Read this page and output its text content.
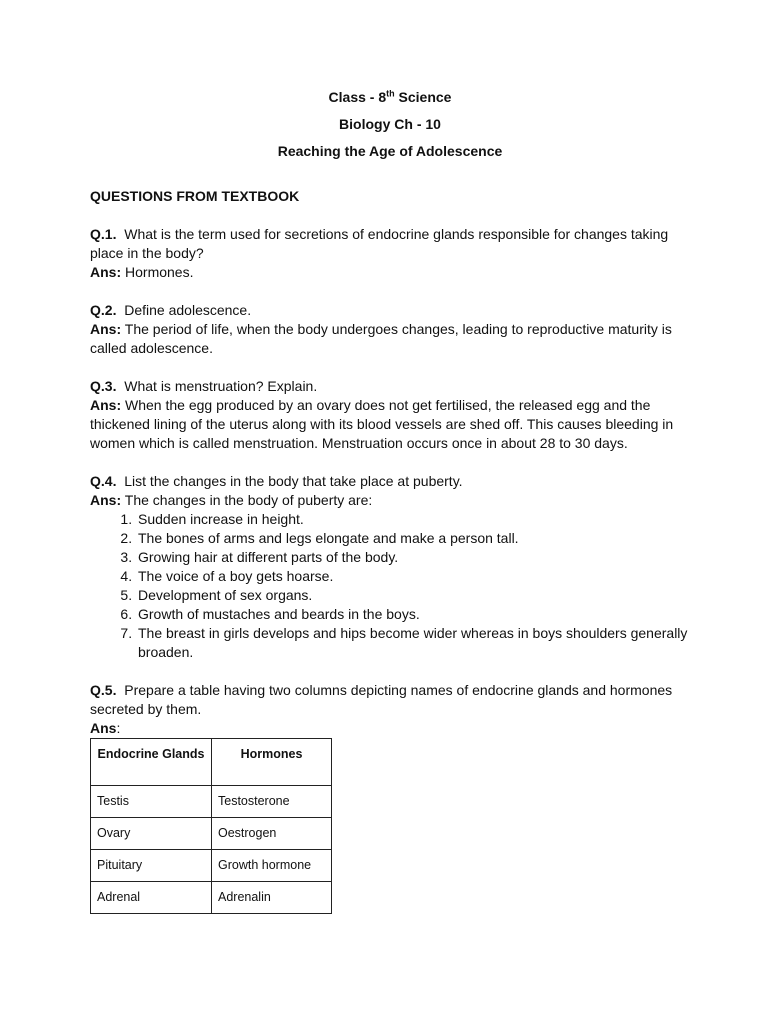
Class - 8th Science
Biology Ch - 10
Reaching the Age of Adolescence
QUESTIONS FROM TEXTBOOK
Q.1. What is the term used for secretions of endocrine glands responsible for changes taking place in the body?
Ans: Hormones.
Q.2. Define adolescence.
Ans: The period of life, when the body undergoes changes, leading to reproductive maturity is called adolescence.
Q.3. What is menstruation? Explain.
Ans: When the egg produced by an ovary does not get fertilised, the released egg and the thickened lining of the uterus along with its blood vessels are shed off. This causes bleeding in women which is called menstruation. Menstruation occurs once in about 28 to 30 days.
Q.4. List the changes in the body that take place at puberty.
Ans: The changes in the body of puberty are:
1. Sudden increase in height.
2. The bones of arms and legs elongate and make a person tall.
3. Growing hair at different parts of the body.
4. The voice of a boy gets hoarse.
5. Development of sex organs.
6. Growth of mustaches and beards in the boys.
7. The breast in girls develops and hips become wider whereas in boys shoulders generally broaden.
Q.5. Prepare a table having two columns depicting names of endocrine glands and hormones secreted by them.
Ans:
Endocrine Glands	Hormones
Testis	Testosterone
Ovary	Oestrogen
Pituitary	Growth hormone
Adrenal	Adrenalin
